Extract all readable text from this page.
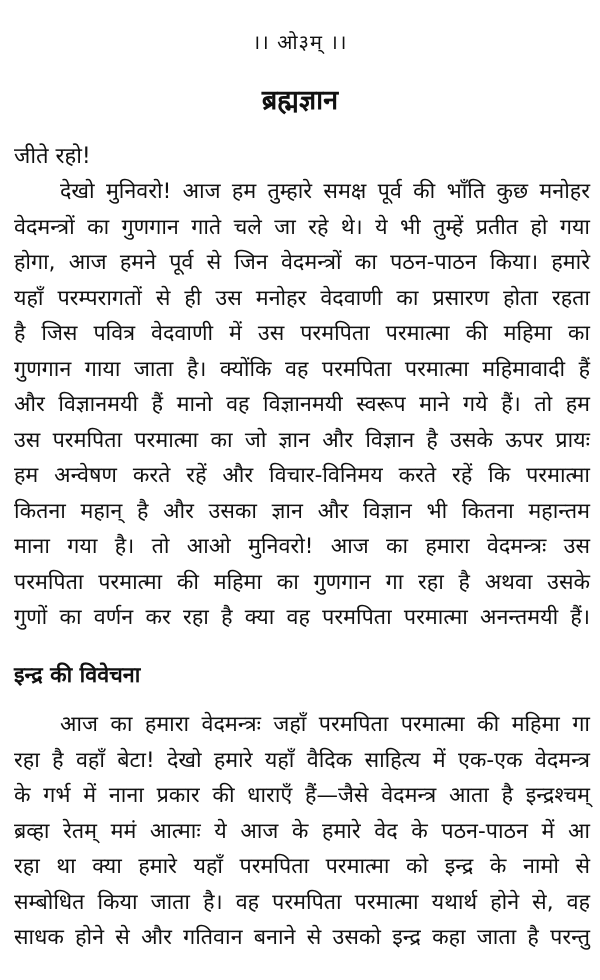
।। ओ३म् ।।
ब्रह्मज्ञान
जीते रहो!
देखो मुनिवरो! आज हम तुम्हारे समक्ष पूर्व की भाँति कुछ मनोहर
वेदमन्त्रों का गुणगान गाते चले जा रहे थे। ये भी तुम्हें प्रतीत हो गया
होगा, आज हमने पूर्व से जिन वेदमन्त्रों का पठन-पाठन किया। हमारे
यहाँ परम्परागतों से ही उस मनोहर वेदवाणी का प्रसारण होता रहता
है जिस पवित्र वेदवाणी में उस परमपिता परमात्मा की महिमा का
गुणगान गाया जाता है। क्योंकि वह परमपिता परमात्मा महिमावादी हैं
और विज्ञानमयी हैं मानो वह विज्ञानमयी स्वरूप माने गये हैं। तो हम
उस परमपिता परमात्मा का जो ज्ञान और विज्ञान है उसके ऊपर प्रायः
हम अन्वेषण करते रहें और विचार-विनिमय करते रहें कि परमात्मा
कितना महान् है और उसका ज्ञान और विज्ञान भी कितना महान्तम
माना गया है। तो आओ मुनिवरो! आज का हमारा वेदमन्त्रः उस
परमपिता परमात्मा की महिमा का गुणगान गा रहा है अथवा उसके
गुणों का वर्णन कर रहा है क्या वह परमपिता परमात्मा अनन्तमयी हैं।
इन्द्र की विवेचना
आज का हमारा वेदमन्त्रः जहाँ परमपिता परमात्मा की महिमा गा
रहा है वहाँ बेटा! देखो हमारे यहाँ वैदिक साहित्य में एक-एक वेदमन्त्र
के गर्भ में नाना प्रकार की धाराएँ हैं—जैसे वेदमन्त्र आता है इन्द्रश्चम्
ब्रव्हा रेतम् ममं आत्माः ये आज के हमारे वेद के पठन-पाठन में आ
रहा था क्या हमारे यहाँ परमपिता परमात्मा को इन्द्र के नामो से
सम्बोधित किया जाता है। वह परमपिता परमात्मा यथार्थ होने से, वह
साधक होने से और गतिवान बनाने से उसको इन्द्र कहा जाता है परन्तु
